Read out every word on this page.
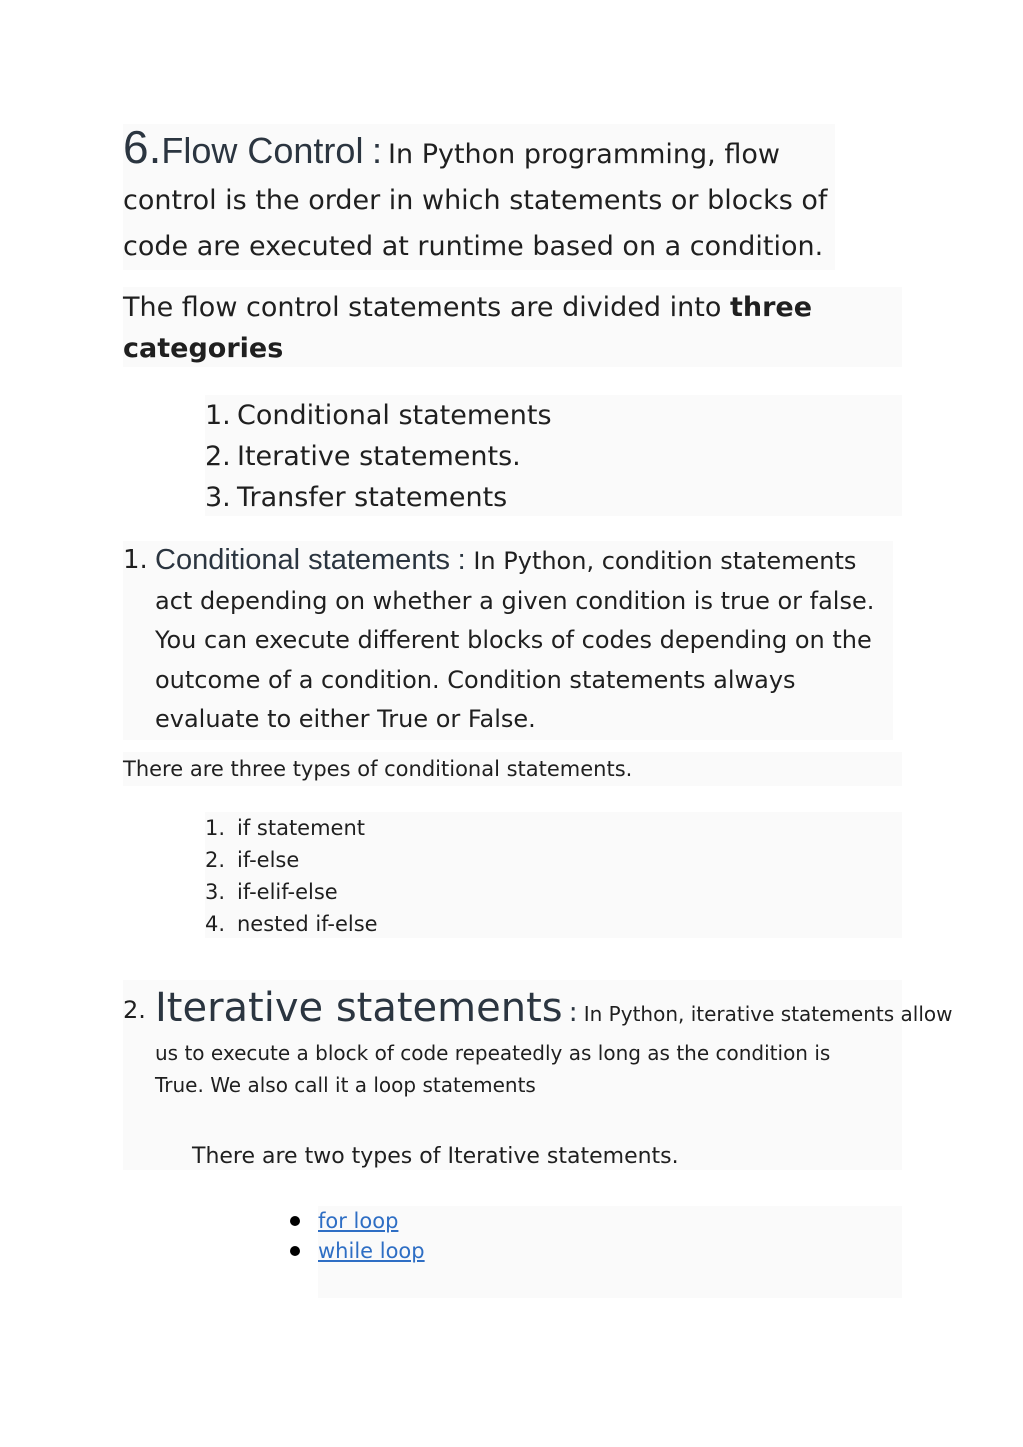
6.Flow Control : In Python programming, flow control is the order in which statements or blocks of code are executed at runtime based on a condition.
The flow control statements are divided into three categories
1. Conditional statements
2. Iterative statements.
3. Transfer statements
1. Conditional statements : In Python, condition statements act depending on whether a given condition is true or false. You can execute different blocks of codes depending on the outcome of a condition. Condition statements always evaluate to either True or False.
There are three types of conditional statements.
1. if statement
2. if-else
3. if-elif-else
4. nested if-else
2. Iterative statements : In Python, iterative statements allow
us to execute a block of code repeatedly as long as the condition is
True. We also call it a loop statements
There are two types of Iterative statements.
for loop
while loop
